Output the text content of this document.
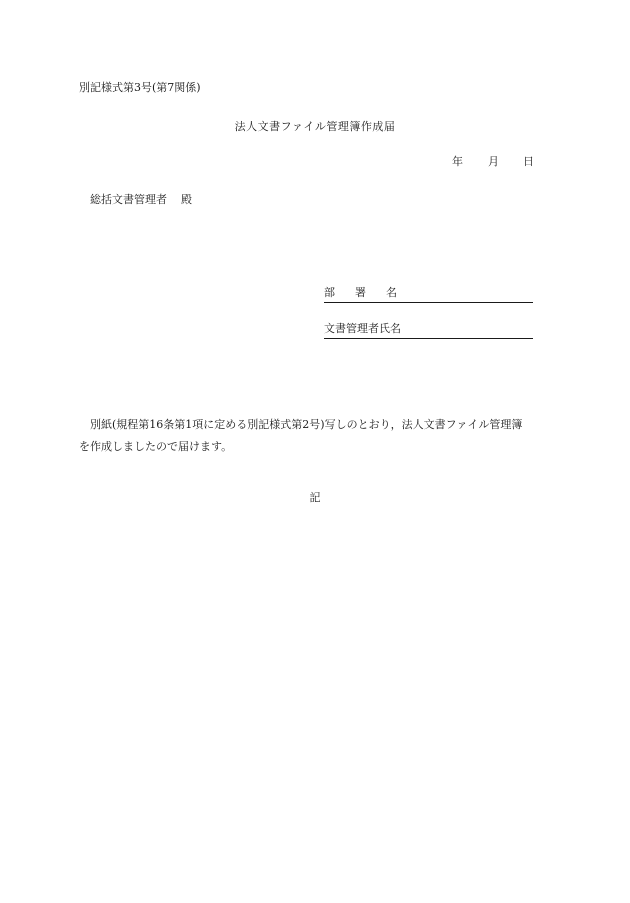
別記様式第3号(第7関係)
法人文書ファイル管理簿作成届
年 月 日
総括文書管理者 殿
部 署 名
文書管理者氏名
別紙(規程第16条第1項に定める別記様式第2号)写しのとおり，法人文書ファイル管理簿
を作成しましたので届けます。
記
